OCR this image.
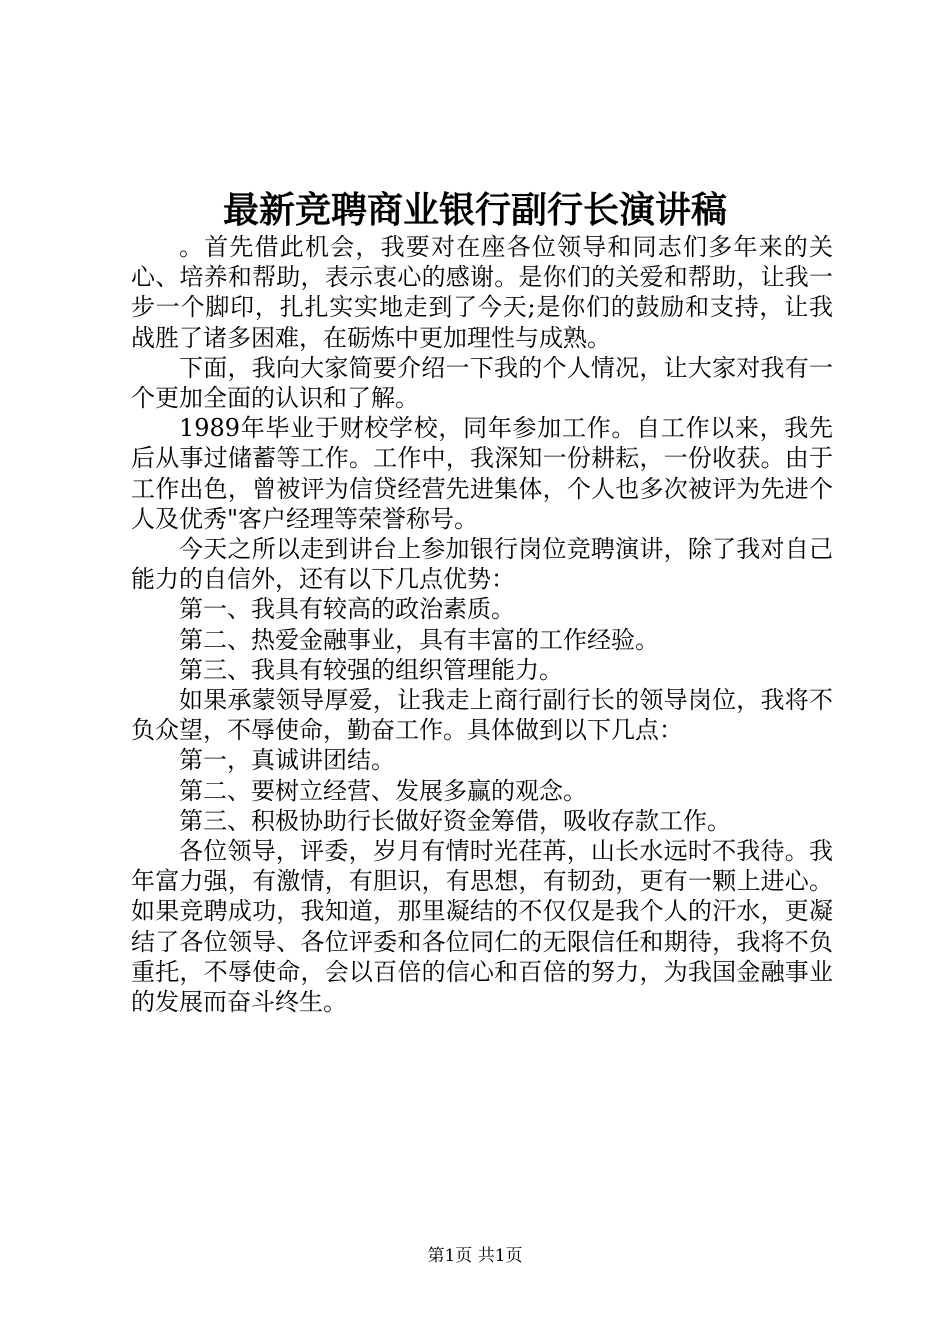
最新竞聘商业银行副行长演讲稿

。首先借此机会，我要对在座各位领导和同志们多年来的关心、培养和帮助，表示衷心的感谢。是你们的关爱和帮助，让我一步一个脚印，扎扎实实地走到了今天;是你们的鼓励和支持，让我战胜了诸多困难，在砺炼中更加理性与成熟。

下面，我向大家简要介绍一下我的个人情况，让大家对我有一个更加全面的认识和了解。

1989年毕业于财校学校，同年参加工作。自工作以来，我先后从事过储蓄等工作。工作中，我深知一份耕耘，一份收获。由于工作出色，曾被评为信贷经营先进集体，个人也多次被评为先进个人及优秀"客户经理等荣誉称号。

今天之所以走到讲台上参加银行岗位竞聘演讲，除了我对自己能力的自信外，还有以下几点优势：

第一、我具有较高的政治素质。

第二、热爱金融事业，具有丰富的工作经验。

第三、我具有较强的组织管理能力。

如果承蒙领导厚爱，让我走上商行副行长的领导岗位，我将不负众望，不辱使命，勤奋工作。具体做到以下几点：

第一，真诚讲团结。

第二、要树立经营、发展多赢的观念。

第三、积极协助行长做好资金筹借，吸收存款工作。

各位领导，评委，岁月有情时光荏苒，山长水远时不我待。我年富力强，有激情，有胆识，有思想，有韧劲，更有一颗上进心。如果竞聘成功，我知道，那里凝结的不仅仅是我个人的汗水，更凝结了各位领导、各位评委和各位同仁的无限信任和期待，我将不负重托，不辱使命，会以百倍的信心和百倍的努力，为我国金融事业的发展而奋斗终生。

第1页 共1页
